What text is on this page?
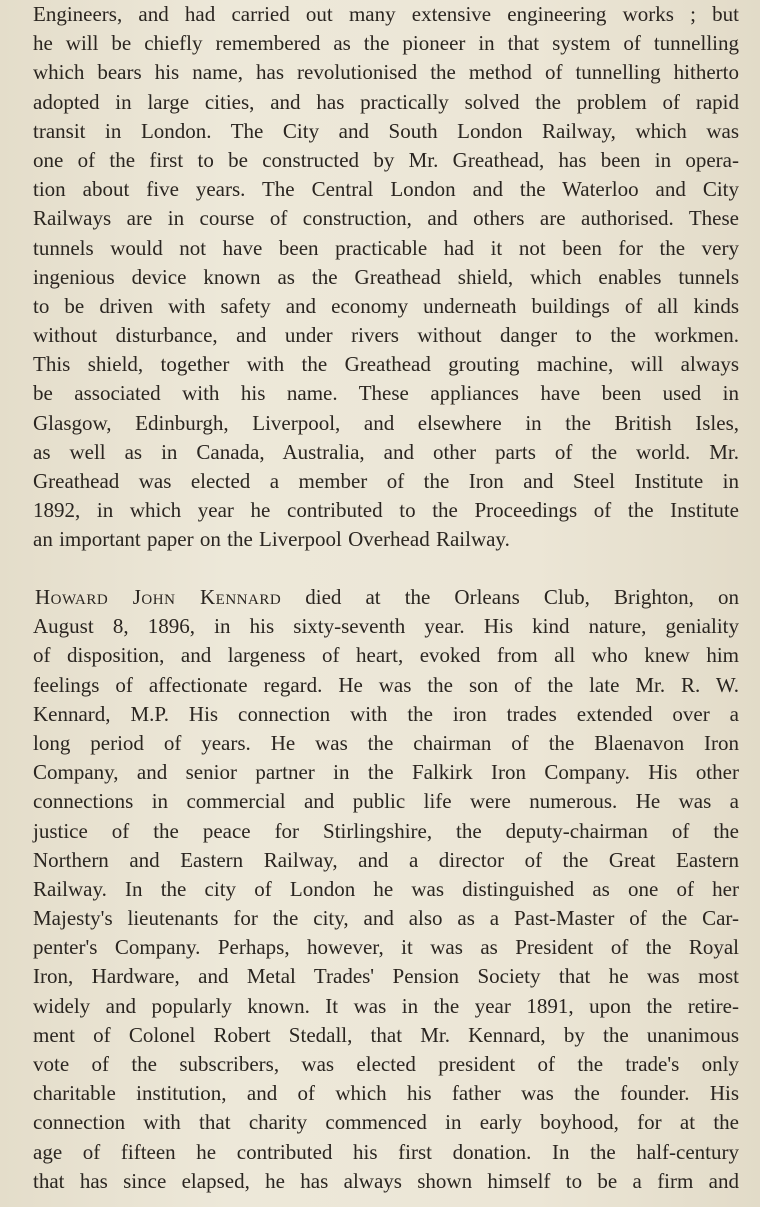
Engineers, and had carried out many extensive engineering works ; but
he will be chiefly remembered as the pioneer in that system of tunnelling
which bears his name, has revolutionised the method of tunnelling hitherto
adopted in large cities, and has practically solved the problem of rapid
transit in London. The City and South London Railway, which was
one of the first to be constructed by Mr. Greathead, has been in opera-
tion about five years. The Central London and the Waterloo and City
Railways are in course of construction, and others are authorised. These
tunnels would not have been practicable had it not been for the very
ingenious device known as the Greathead shield, which enables tunnels
to be driven with safety and economy underneath buildings of all kinds
without disturbance, and under rivers without danger to the workmen.
This shield, together with the Greathead grouting machine, will always
be associated with his name. These appliances have been used in
Glasgow, Edinburgh, Liverpool, and elsewhere in the British Isles,
as well as in Canada, Australia, and other parts of the world. Mr.
Greathead was elected a member of the Iron and Steel Institute in
1892, in which year he contributed to the Proceedings of the Institute
an important paper on the Liverpool Overhead Railway.
Howard John Kennard died at the Orleans Club, Brighton, on
August 8, 1896, in his sixty-seventh year. His kind nature, geniality
of disposition, and largeness of heart, evoked from all who knew him
feelings of affectionate regard. He was the son of the late Mr. R. W.
Kennard, M.P. His connection with the iron trades extended over a
long period of years. He was the chairman of the Blaenavon Iron
Company, and senior partner in the Falkirk Iron Company. His other
connections in commercial and public life were numerous. He was a
justice of the peace for Stirlingshire, the deputy-chairman of the
Northern and Eastern Railway, and a director of the Great Eastern
Railway. In the city of London he was distinguished as one of her
Majesty's lieutenants for the city, and also as a Past-Master of the Car-
penter's Company. Perhaps, however, it was as President of the Royal
Iron, Hardware, and Metal Trades' Pension Society that he was most
widely and popularly known. It was in the year 1891, upon the retire-
ment of Colonel Robert Stedall, that Mr. Kennard, by the unanimous
vote of the subscribers, was elected president of the trade's only
charitable institution, and of which his father was the founder. His
connection with that charity commenced in early boyhood, for at the
age of fifteen he contributed his first donation. In the half-century
that has since elapsed, he has always shown himself to be a firm and
